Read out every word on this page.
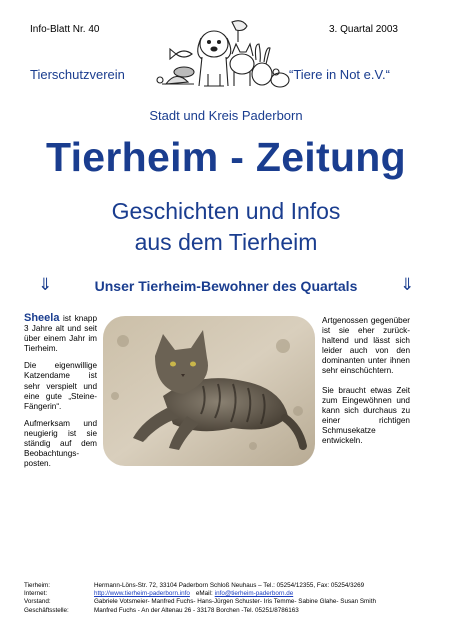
Info-Blatt Nr. 40	3. Quartal 2003
Tierschutzverein	“Tiere in Not e.V.“
Stadt und Kreis Paderborn
Tierheim - Zeitung
Geschichten und Infos
aus dem Tierheim
⇓	Unser Tierheim-Bewohner des Quartals	⇓

Sheela ist knapp 3 Jahre alt und seit über einem Jahr im Tierheim.

Die eigenwillige Katzendame ist sehr verspielt und eine gute „Steine-Fängerin“.

Aufmerksam und neugierig ist sie ständig auf dem Beobachtungs-posten.

Artgenossen gegenüber ist sie eher zurück-haltend und lässt sich leider auch von den dominanten unter ihnen sehr einschüchtern.

Sie braucht etwas Zeit zum Eingewöhnen und kann sich durchaus zu einer richtigen Schmusekatze entwickeln.

Tierheim:	Hermann-Löns-Str. 72, 33104 Paderborn Schloß Neuhaus – Tel.: 05254/12355, Fax: 05254/3269
Internet:	http://www.tierheim-paderborn.info eMail: info@tierheim-paderborn.de
Vorstand:	Gabriele Votsmeier- Manfred Fuchs- Hans-Jürgen Schuster- Iris Temme- Sabine Glahe- Susan Smith
Geschäftsstelle:	Manfred Fuchs - An der Altenau 26 - 33178 Borchen -Tel. 05251/8786163
